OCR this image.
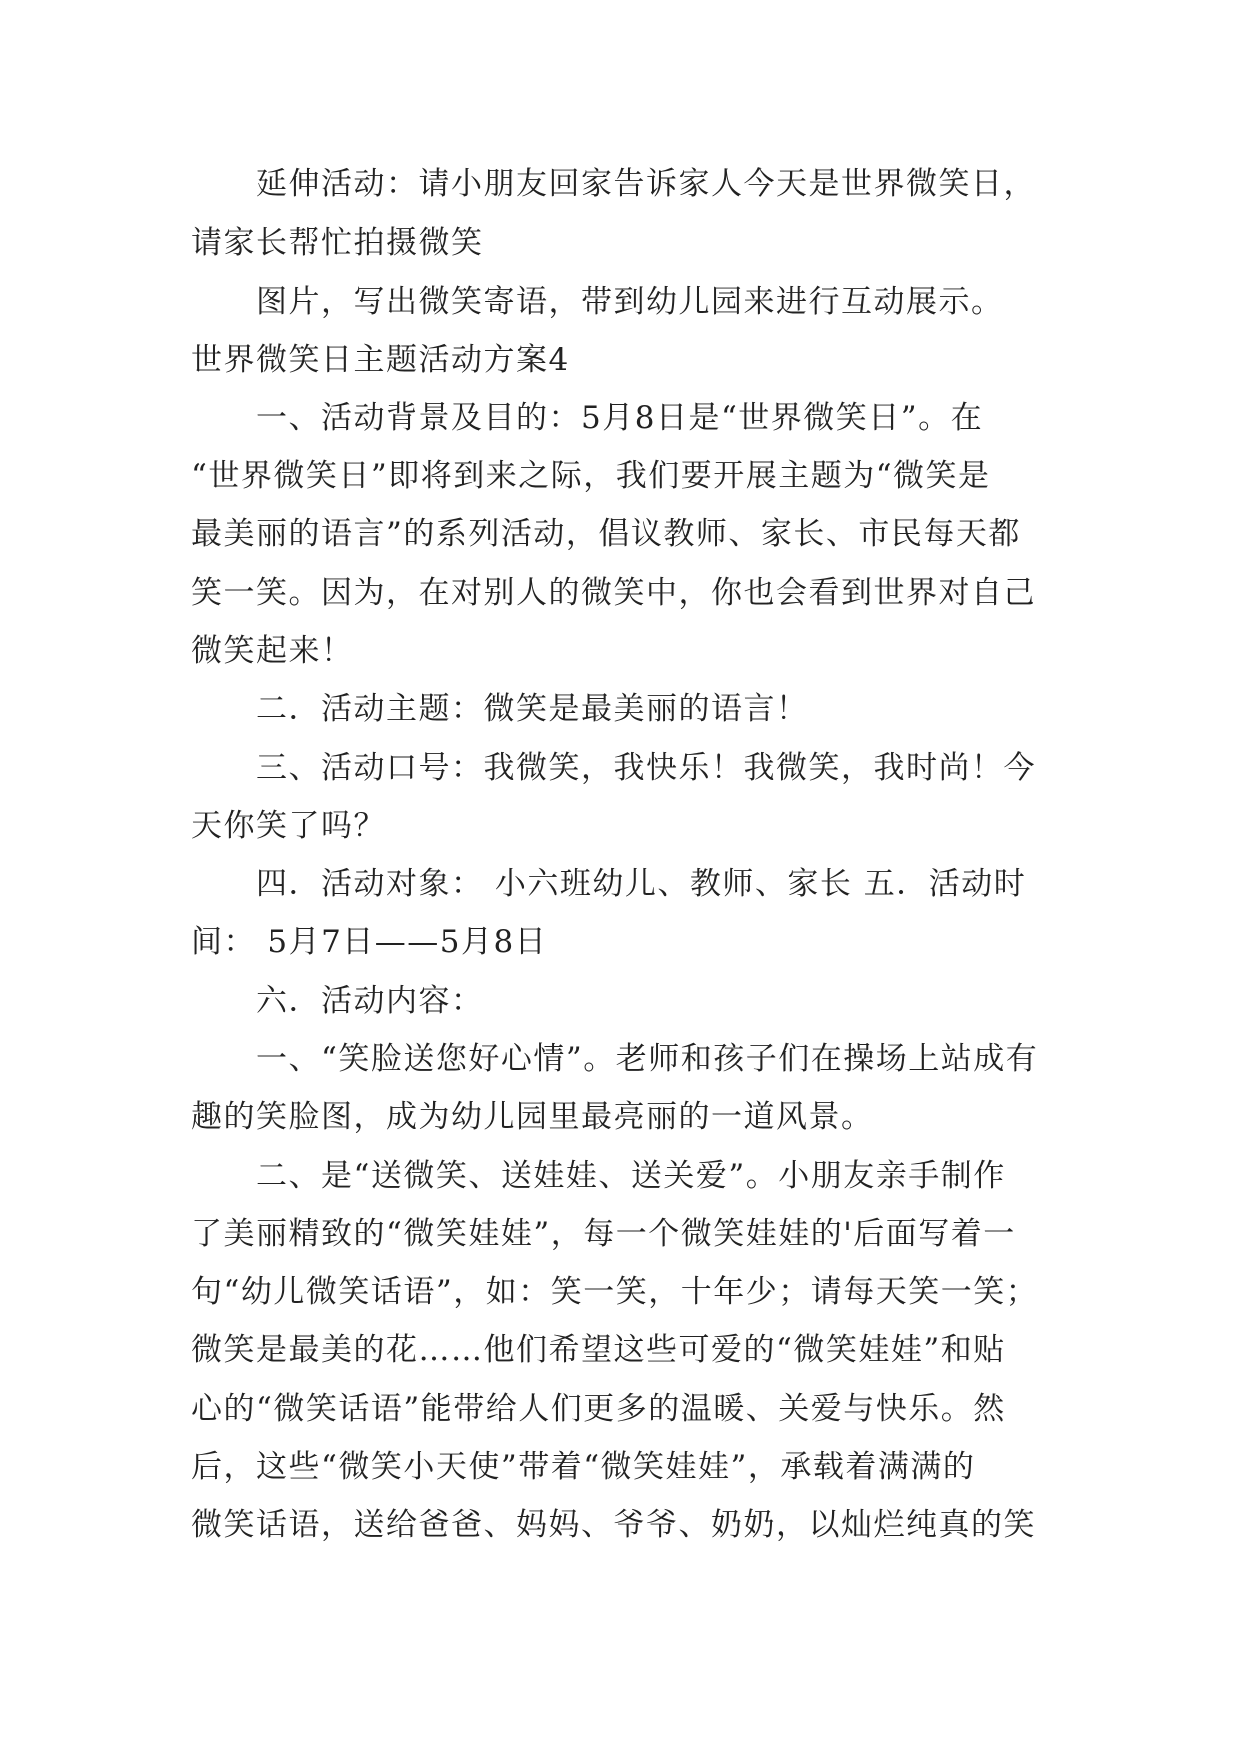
延伸活动：请小朋友回家告诉家人今天是世界微笑日，
请家长帮忙拍摄微笑
图片，写出微笑寄语，带到幼儿园来进行互动展示。
世界微笑日主题活动方案4
一、活动背景及目的：5月8日是“世界微笑日”。在
“世界微笑日”即将到来之际，我们要开展主题为“微笑是
最美丽的语言”的系列活动，倡议教师、家长、市民每天都
笑一笑。因为，在对别人的微笑中，你也会看到世界对自己
微笑起来！
二．活动主题：微笑是最美丽的语言！
三、活动口号：我微笑，我快乐！我微笑，我时尚！今
天你笑了吗？
四．活动对象： 小六班幼儿、教师、家长 五．活动时
间： 5月7日——5月8日
六．活动内容：
一、“笑脸送您好心情”。老师和孩子们在操场上站成有
趣的笑脸图，成为幼儿园里最亮丽的一道风景。
二、是“送微笑、送娃娃、送关爱”。小朋友亲手制作
了美丽精致的“微笑娃娃”，每一个微笑娃娃的'后面写着一
句“幼儿微笑话语”，如：笑一笑，十年少；请每天笑一笑；
微笑是最美的花……他们希望这些可爱的“微笑娃娃”和贴
心的“微笑话语”能带给人们更多的温暖、关爱与快乐。然
后，这些“微笑小天使”带着“微笑娃娃”，承载着满满的
微笑话语，送给爸爸、妈妈、爷爷、奶奶，以灿烂纯真的笑
